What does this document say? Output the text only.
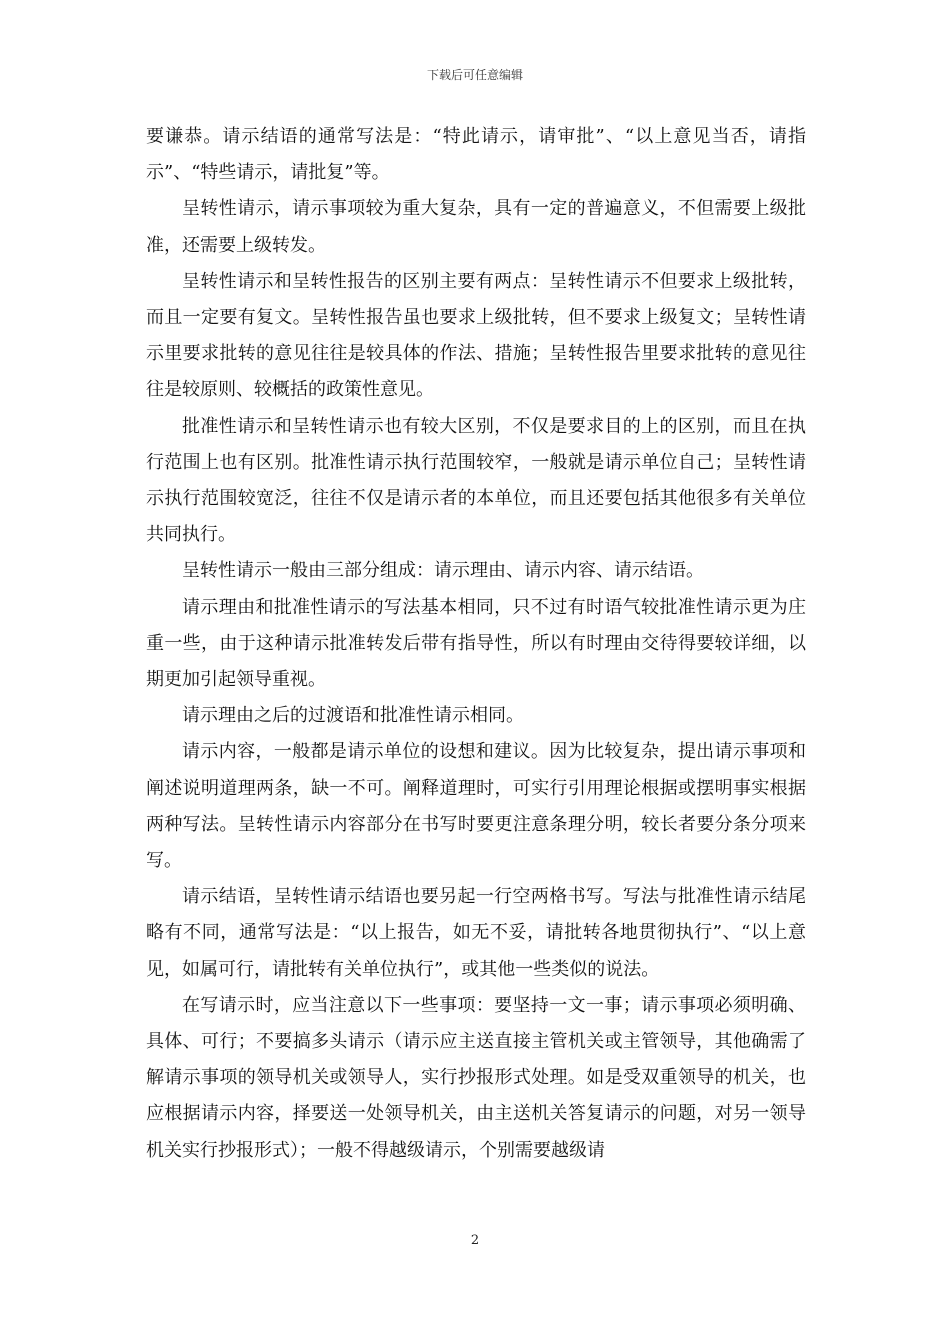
下载后可任意编辑

要谦恭。请示结语的通常写法是：“特此请示，请审批”、“以上意见当否，请指示”、“特些请示，请批复”等。

呈转性请示，请示事项较为重大复杂，具有一定的普遍意义，不但需要上级批准，还需要上级转发。

呈转性请示和呈转性报告的区别主要有两点：呈转性请示不但要求上级批转，而且一定要有复文。呈转性报告虽也要求上级批转，但不要求上级复文；呈转性请示里要求批转的意见往往是较具体的作法、措施；呈转性报告里要求批转的意见往往是较原则、较概括的政策性意见。

批准性请示和呈转性请示也有较大区别，不仅是要求目的上的区别，而且在执行范围上也有区别。批准性请示执行范围较窄，一般就是请示单位自己；呈转性请示执行范围较宽泛，往往不仅是请示者的本单位，而且还要包括其他很多有关单位共同执行。

呈转性请示一般由三部分组成：请示理由、请示内容、请示结语。

请示理由和批准性请示的写法基本相同，只不过有时语气较批准性请示更为庄重一些，由于这种请示批准转发后带有指导性，所以有时理由交待得要较详细，以期更加引起领导重视。

请示理由之后的过渡语和批准性请示相同。

请示内容，一般都是请示单位的设想和建议。因为比较复杂，提出请示事项和阐述说明道理两条，缺一不可。阐释道理时，可实行引用理论根据或摆明事实根据两种写法。呈转性请示内容部分在书写时要更注意条理分明，较长者要分条分项来写。

请示结语，呈转性请示结语也要另起一行空两格书写。写法与批准性请示结尾略有不同，通常写法是：“以上报告，如无不妥，请批转各地贯彻执行”、“以上意见，如属可行，请批转有关单位执行”，或其他一些类似的说法。

在写请示时，应当注意以下一些事项：要坚持一文一事；请示事项必须明确、具体、可行；不要搞多头请示（请示应主送直接主管机关或主管领导，其他确需了解请示事项的领导机关或领导人，实行抄报形式处理。如是受双重领导的机关，也应根据请示内容，择要送一处领导机关，由主送机关答复请示的问题，对另一领导机关实行抄报形式）；一般不得越级请示，个别需要越级请

2
